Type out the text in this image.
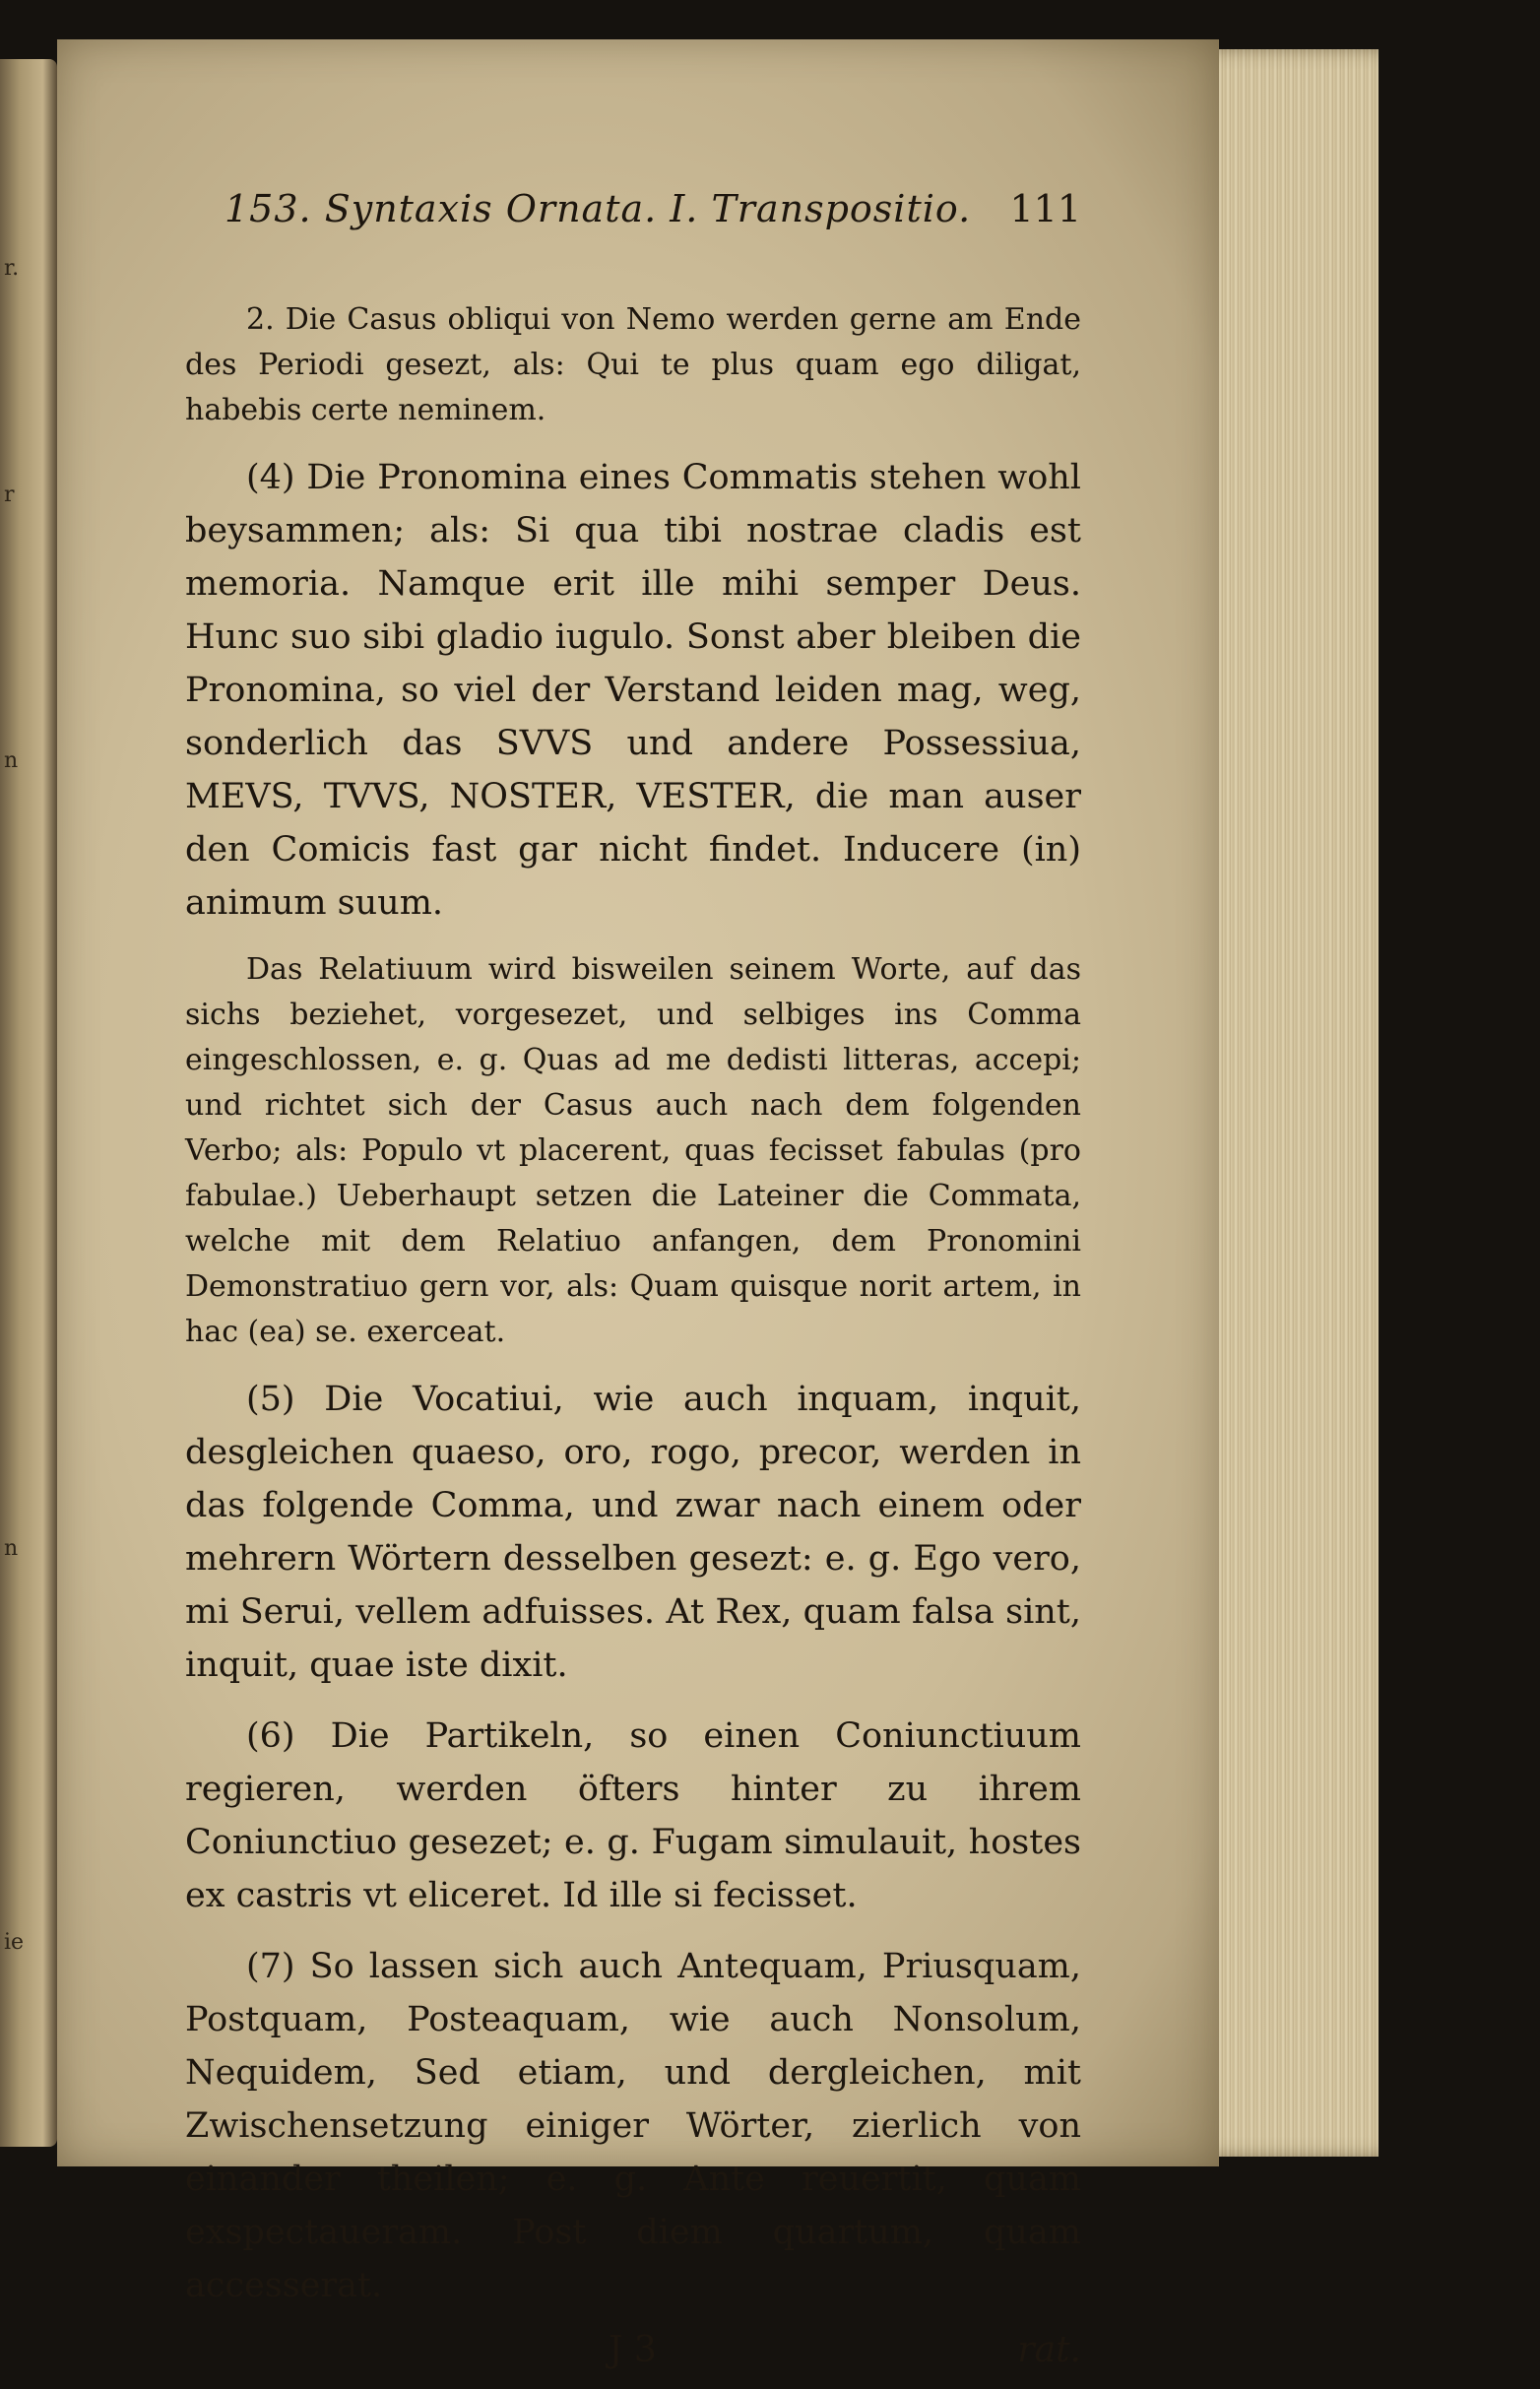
r.
r
n
n
ie
153. Syntaxis Ornata. I. Transpositio. 111

2. Die Casus obliqui von Nemo werden gerne am Ende des Periodi gesezt, als: Qui te plus quam ego diligat, habebis certe neminem.

(4) Die Pronomina eines Commatis stehen wohl beysammen; als: Si qua tibi nostrae cladis est memoria. Namque erit ille mihi semper Deus. Hunc suo sibi gladio iugulo. Sonst aber bleiben die Pronomina, so viel der Verstand leiden mag, weg, sonderlich das SVVS und andere Possessiua, MEVS, TVVS, NOSTER, VESTER, die man auser den Comicis fast gar nicht findet. Inducere (in) animum suum.

Das Relatiuum wird bisweilen seinem Worte, auf das sichs beziehet, vorgesezet, und selbiges ins Comma eingeschlossen, e. g. Quas ad me dedisti litteras, accepi; und richtet sich der Casus auch nach dem folgenden Verbo; als: Populo vt placerent, quas fecisset fabulas (pro fabulae.) Ueberhaupt setzen die Lateiner die Commata, welche mit dem Relatiuo anfangen, dem Pronomini Demonstratiuo gern vor, als: Quam quisque norit artem, in hac (ea) se. exerceat.

(5) Die Vocatiui, wie auch inquam, inquit, desgleichen quaeso, oro, rogo, precor, werden in das folgende Comma, und zwar nach einem oder mehrern Wörtern desselben gesezt: e. g. Ego vero, mi Serui, vellem adfuisses. At Rex, quam falsa sint, inquit, quae iste dixit.

(6) Die Partikeln, so einen Coniunctiuum regieren, werden öfters hinter zu ihrem Coniunctiuo gesezet; e. g. Fugam simulauit, hostes ex castris vt eliceret. Id ille si fecisset.

(7) So lassen sich auch Antequam, Priusquam, Postquam, Posteaquam, wie auch Nonsolum, Nequidem, Sed etiam, und dergleichen, mit Zwischensetzung einiger Wörter, zierlich von einander theilen; e. g. Ante reuertit, quam exspectaueram. Post diem quartum, quam accesserat.

J 3	rat.
